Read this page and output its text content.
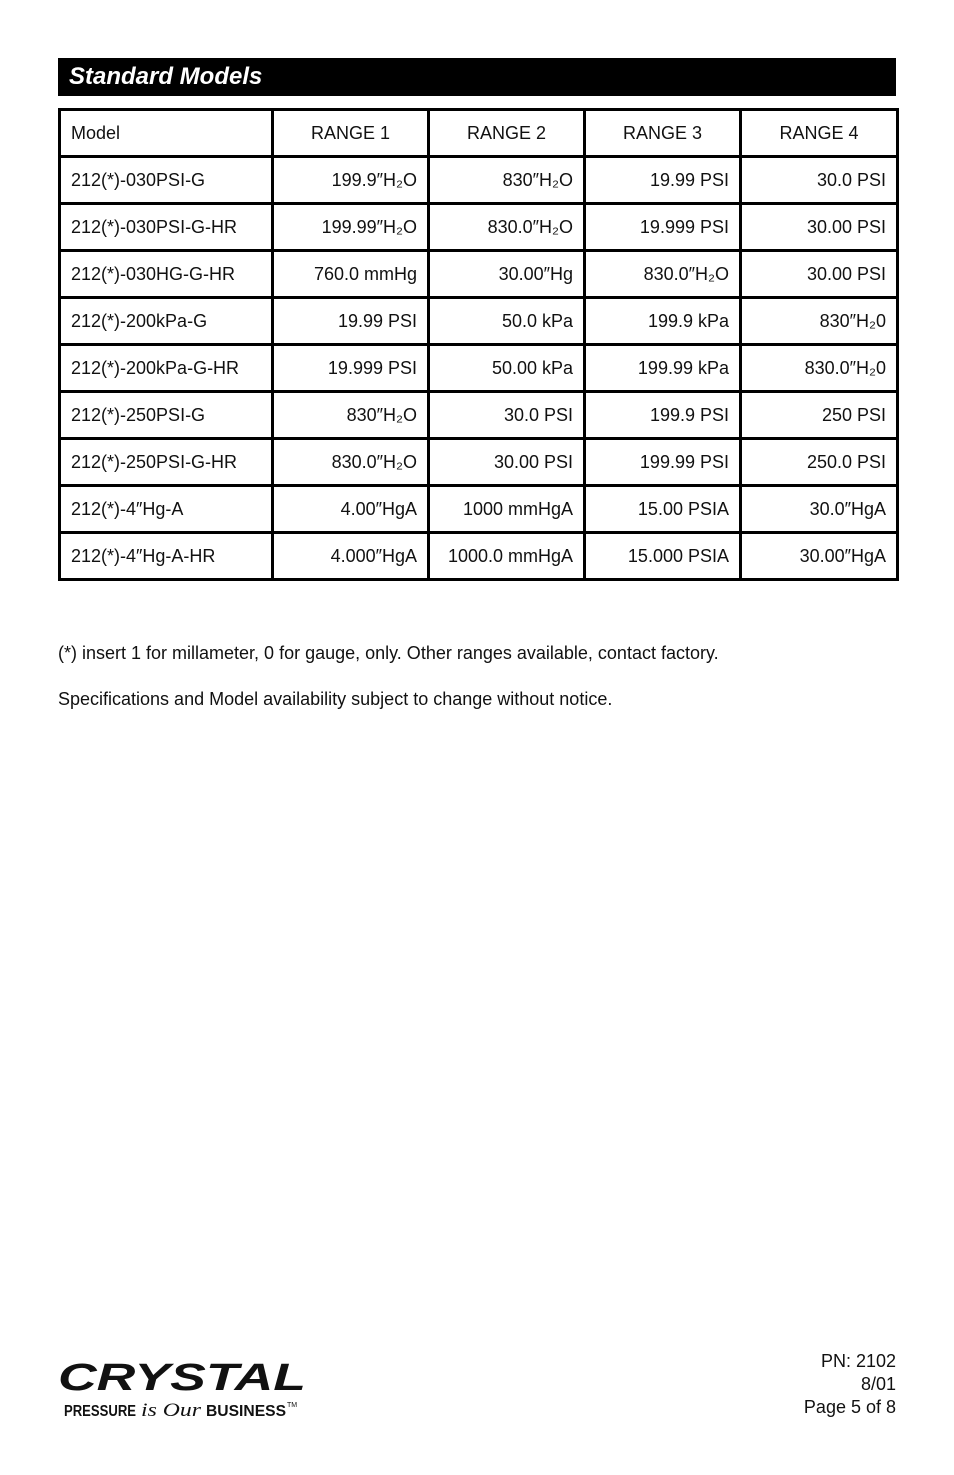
Standard Models
Model	RANGE 1	RANGE 2	RANGE 3	RANGE 4
212(*)-030PSI-G	199.9″H₂O	830″H₂O	19.99 PSI	30.0 PSI
212(*)-030PSI-G-HR	199.99″H₂O	830.0″H₂O	19.999 PSI	30.00 PSI
212(*)-030HG-G-HR	760.0 mmHg	30.00″Hg	830.0″H₂O	30.00 PSI
212(*)-200kPa-G	19.99 PSI	50.0 kPa	199.9 kPa	830″H₂0
212(*)-200kPa-G-HR	19.999 PSI	50.00 kPa	199.99 kPa	830.0″H₂0
212(*)-250PSI-G	830″H₂O	30.0 PSI	199.9 PSI	250 PSI
212(*)-250PSI-G-HR	830.0″H₂O	30.00 PSI	199.99 PSI	250.0 PSI
212(*)-4″Hg-A	4.00″HgA	1000 mmHgA	15.00 PSIA	30.0″HgA
212(*)-4″Hg-A-HR	4.000″HgA	1000.0 mmHgA	15.000 PSIA	30.00″HgA

(*) insert 1 for millameter, 0 for gauge, only. Other ranges available, contact factory.

Specifications and Model availability subject to change without notice.

CRYSTAL
PRESSURE is Our BUSINESS TM
PN: 2102
8/01
Page 5 of 8
